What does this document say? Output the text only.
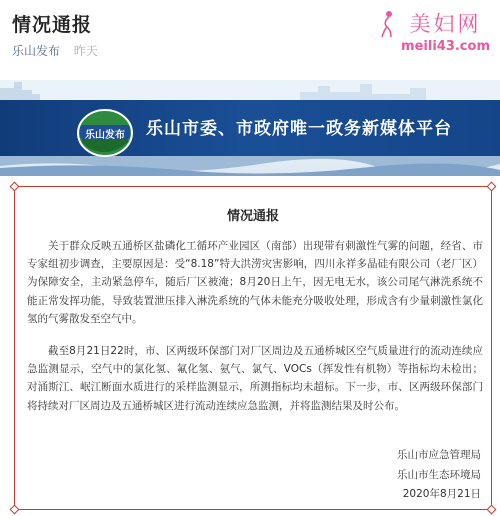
情况通报
乐山发布 昨天
美妇网
meili43.com
乐山发布	乐山市委、市政府唯一政务新媒体平台
情况通报

关于群众反映五通桥区盐磷化工循环产业园区（南部）出现带有刺激性气雾的问题，经省、市专家组初步调查，主要原因是：受“8.18”特大洪涝灾害影响，四川永祥多晶硅有限公司（老厂区）为保障安全，主动紧急停车，随后厂区被淹；8月20日上午，因无电无水，该公司尾气淋洗系统不能正常发挥功能，导致装置泄压排入淋洗系统的气体未能充分吸收处理，形成含有少量刺激性氯化氢的气雾散发至空气中。

截至8月21日22时，市、区两级环保部门对厂区周边及五通桥城区空气质量进行的流动连续应急监测显示，空气中的氯化氢、氟化氢、氨气、氯气、VOCs（挥发性有机物）等指标均未检出；对涌斯江、岷江断面水质进行的采样监测显示，所测指标均未超标。下一步，市、区两级环保部门将持续对厂区周边及五通桥城区进行流动连续应急监测，并将监测结果及时公布。

乐山市应急管理局
乐山市生态环境局
2020年8月21日
